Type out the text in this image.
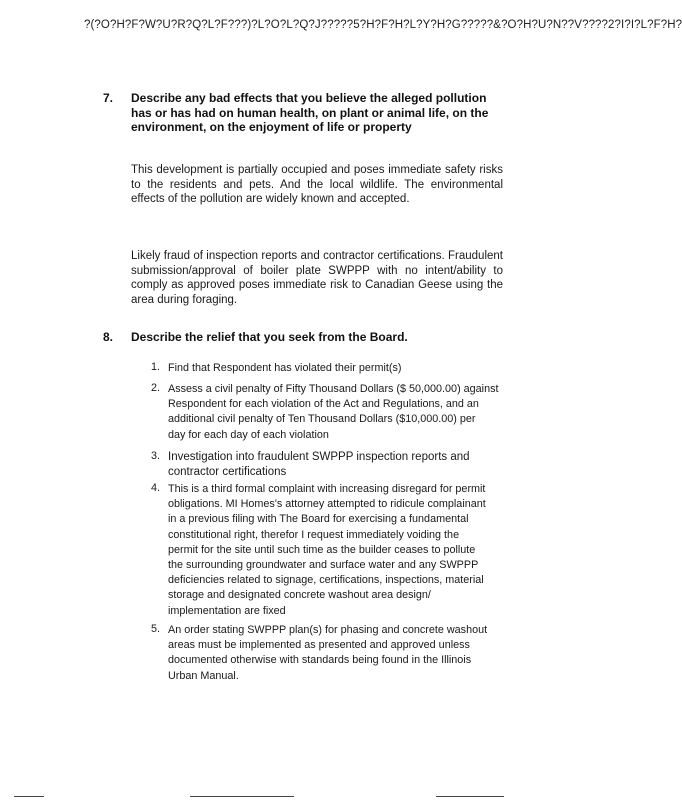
?(?O?H?F?W?U?R?Q?L?F???)?L?O?L?Q?J?????5?H?F?H?L?Y?H?G?????&?O?H?U?N??V????2?I?I?L?F?H?
7. Describe any bad effects that you believe the alleged pollution
has or has had on human health, on plant or animal life, on the
environment, on the enjoyment of life or property
This development is partially occupied and poses immediate safety risks to the residents and pets. And the local wildlife. The environmental effects of the pollution are widely known and accepted.
Likely fraud of inspection reports and contractor certifications. Fraudulent submission/approval of boiler plate SWPPP with no intent/ability to comply as approved poses immediate risk to Canadian Geese using the area during foraging.
8. Describe the relief that you seek from the Board.
1. Find that Respondent has violated their permit(s)
2. Assess a civil penalty of Fifty Thousand Dollars ($ 50,000.00) against
Respondent for each violation of the Act and Regulations, and an
additional civil penalty of Ten Thousand Dollars ($10,000.00) per
day for each day of each violation
3. Investigation into fraudulent SWPPP inspection reports and
contractor certifications
4. This is a third formal complaint with increasing disregard for permit
obligations. MI Homes's attorney attempted to ridicule complainant
in a previous filing with The Board for exercising a fundamental
constitutional right, therefor I request immediately voiding the
permit for the site until such time as the builder ceases to pollute
the surrounding groundwater and surface water and any SWPPP
deficiencies related to signage, certifications, inspections, material
storage and designated concrete washout area design/
implementation are fixed
5. An order stating SWPPP plan(s) for phasing and concrete washout
areas must be implemented as presented and approved unless
documented otherwise with standards being found in the Illinois
Urban Manual.
